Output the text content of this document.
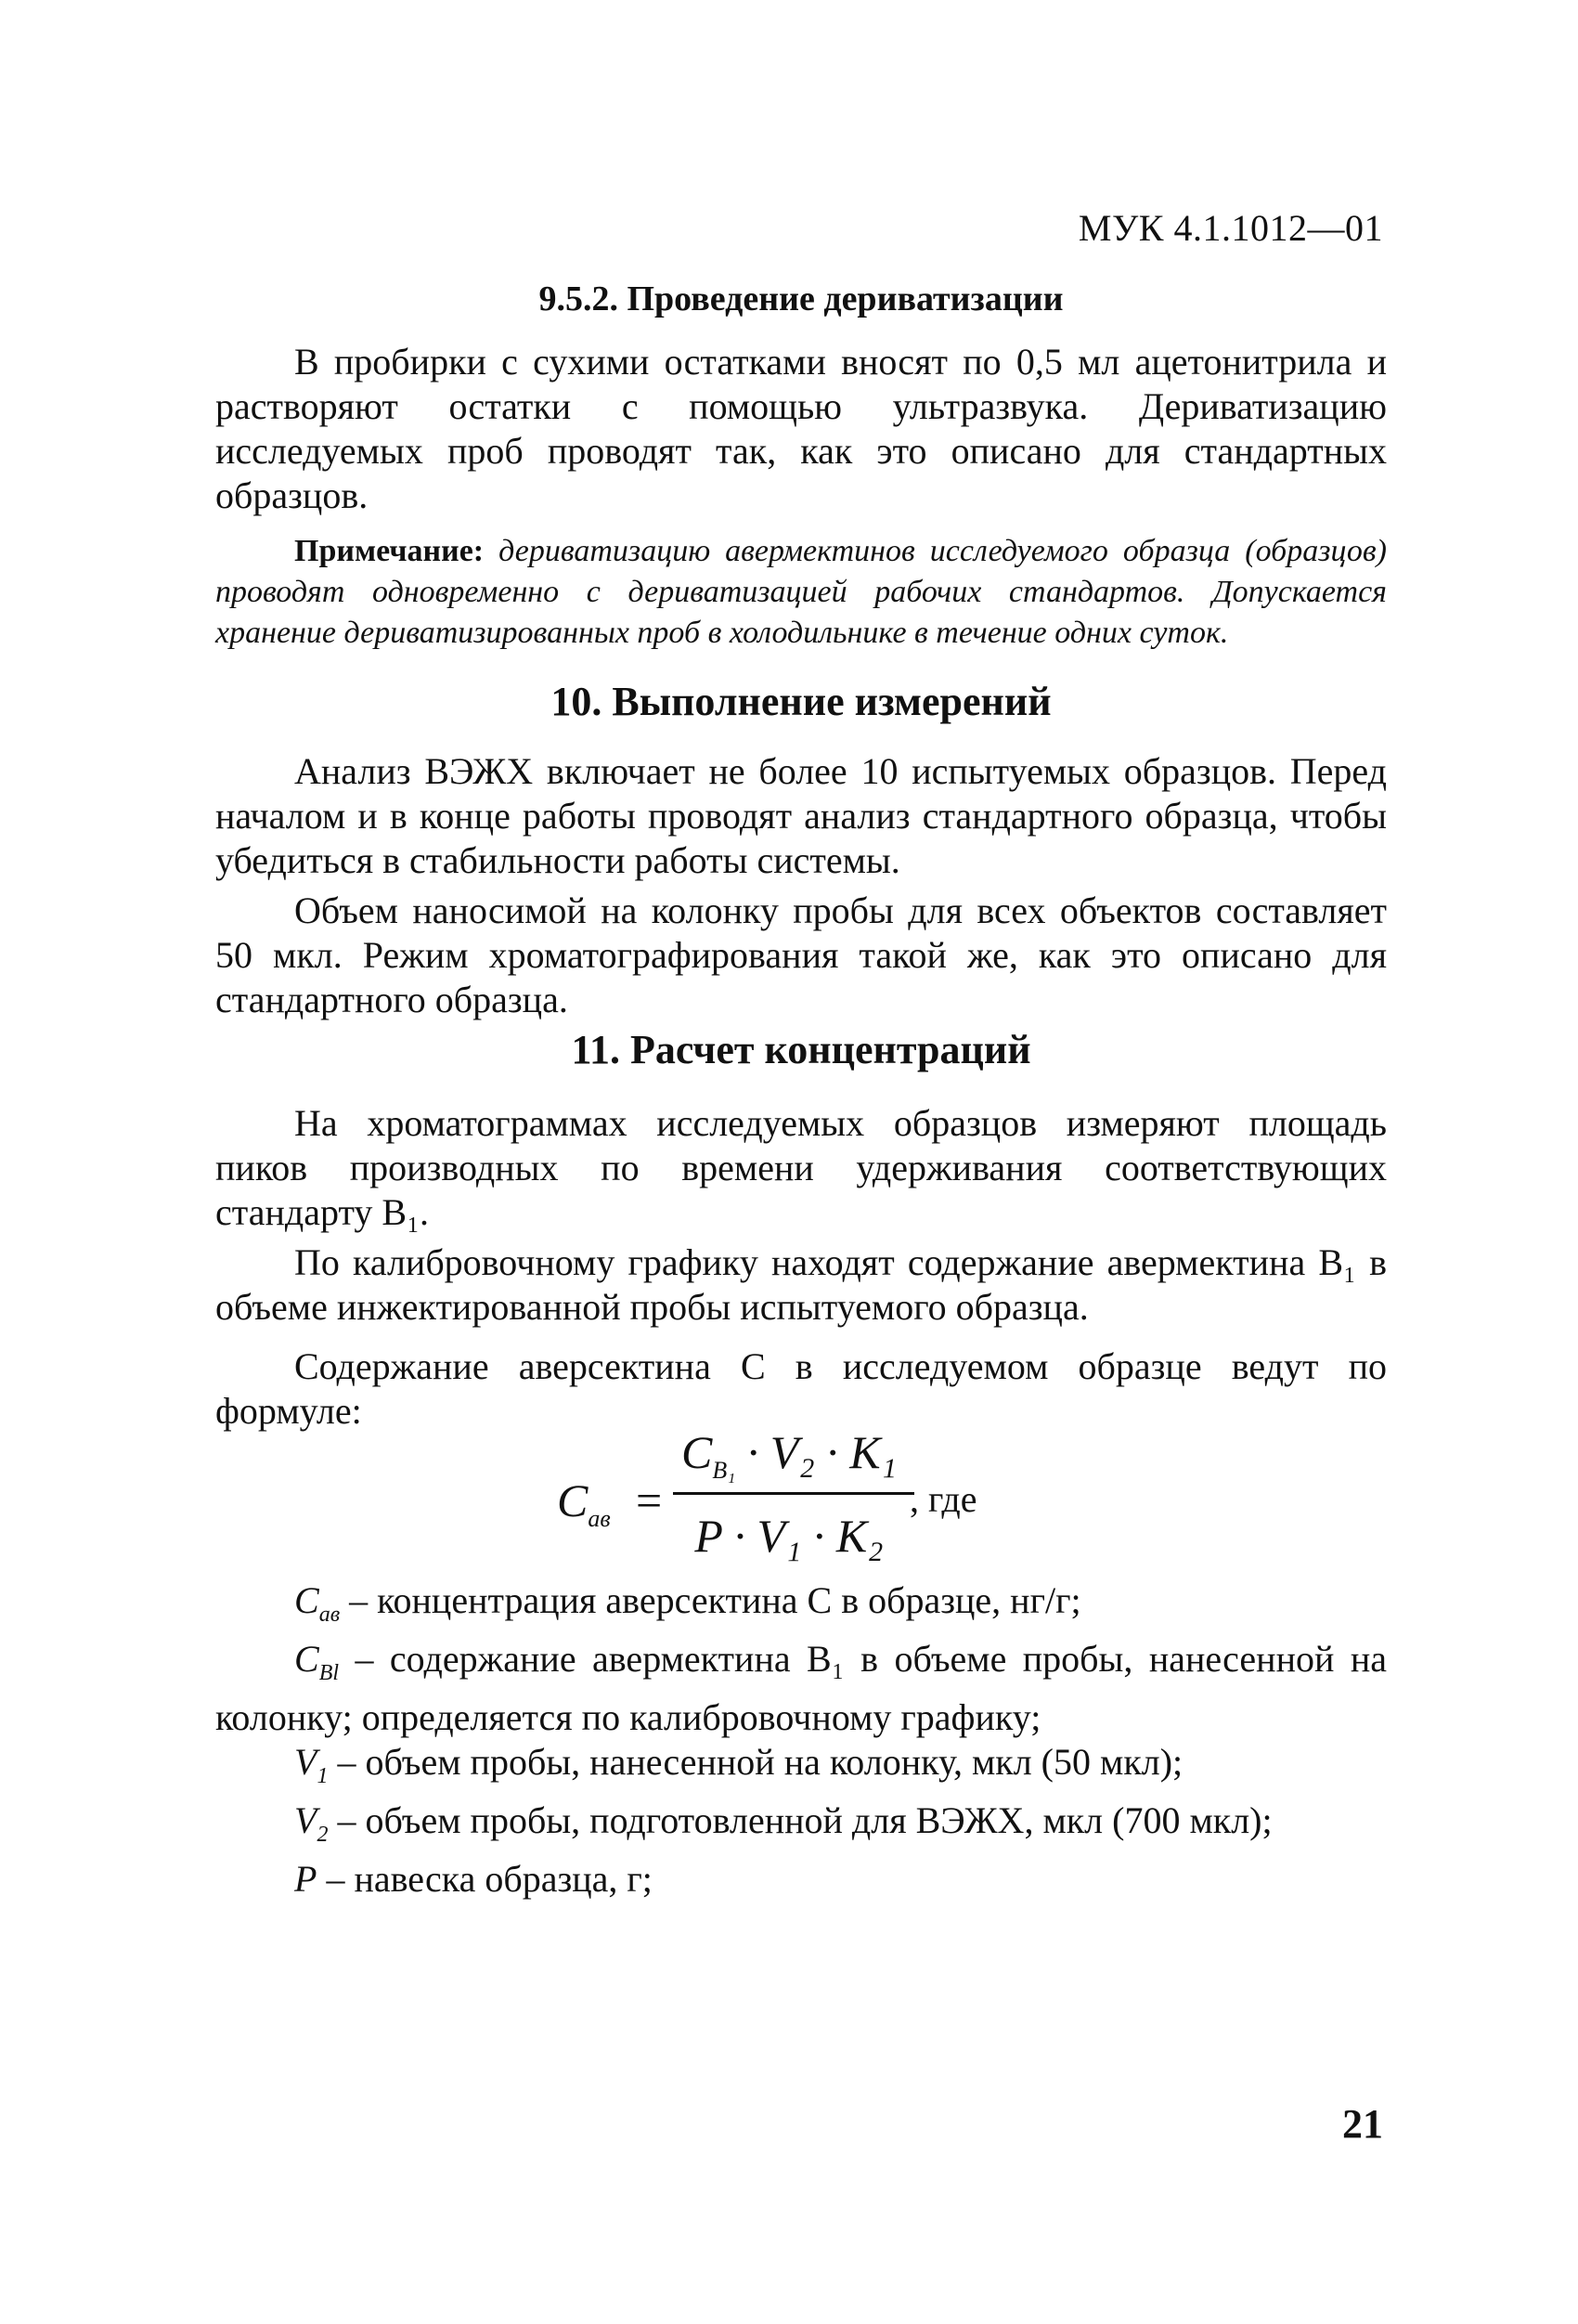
МУК 4.1.1012—01
9.5.2. Проведение дериватизации

В пробирки с сухими остатками вносят по 0,5 мл ацетонитрила и растворяют остатки с помощью ультразвука. Дериватизацию исследуемых проб проводят так, как это описано для стандартных образцов.

Примечание: дериватизацию авермектинов исследуемого образца (образцов) проводят одновременно с дериватизацией рабочих стандартов. Допускается хранение дериватизированных проб в холодильнике в течение одних суток.
10. Выполнение измерений

Анализ ВЭЖХ включает не более 10 испытуемых образцов. Перед началом и в конце работы проводят анализ стандартного образца, чтобы убедиться в стабильности работы системы.

Объем наносимой на колонку пробы для всех объектов составляет 50 мкл. Режим хроматографирования такой же, как это описано для стандартного образца.

11. Расчет концентраций

На хроматограммах исследуемых образцов измеряют площадь пиков производных по времени удерживания соответствующих стандарту B₁.

По калибровочному графику находят содержание авермектина B₁ в объеме инжектированной пробы испытуемого образца.

Содержание аверсектина С в исследуемом образце ведут по формуле:

$C_{ав}$ =
$C_{B_1} \cdot V_2 \cdot K_1$
P · V₁ · K₂
, где

$C_{ав}$ – концентрация аверсектина С в образце, нг/г;

$C_{Bl}$ – содержание авермектина B₁ в объеме пробы, нанесенной на колонку; определяется по калибровочному графику;

$V_1$ – объем пробы, нанесенной на колонку, мкл (50 мкл);

$V_2$ – объем пробы, подготовленной для ВЭЖХ, мкл (700 мкл);

P – навеска образца, г;

21
